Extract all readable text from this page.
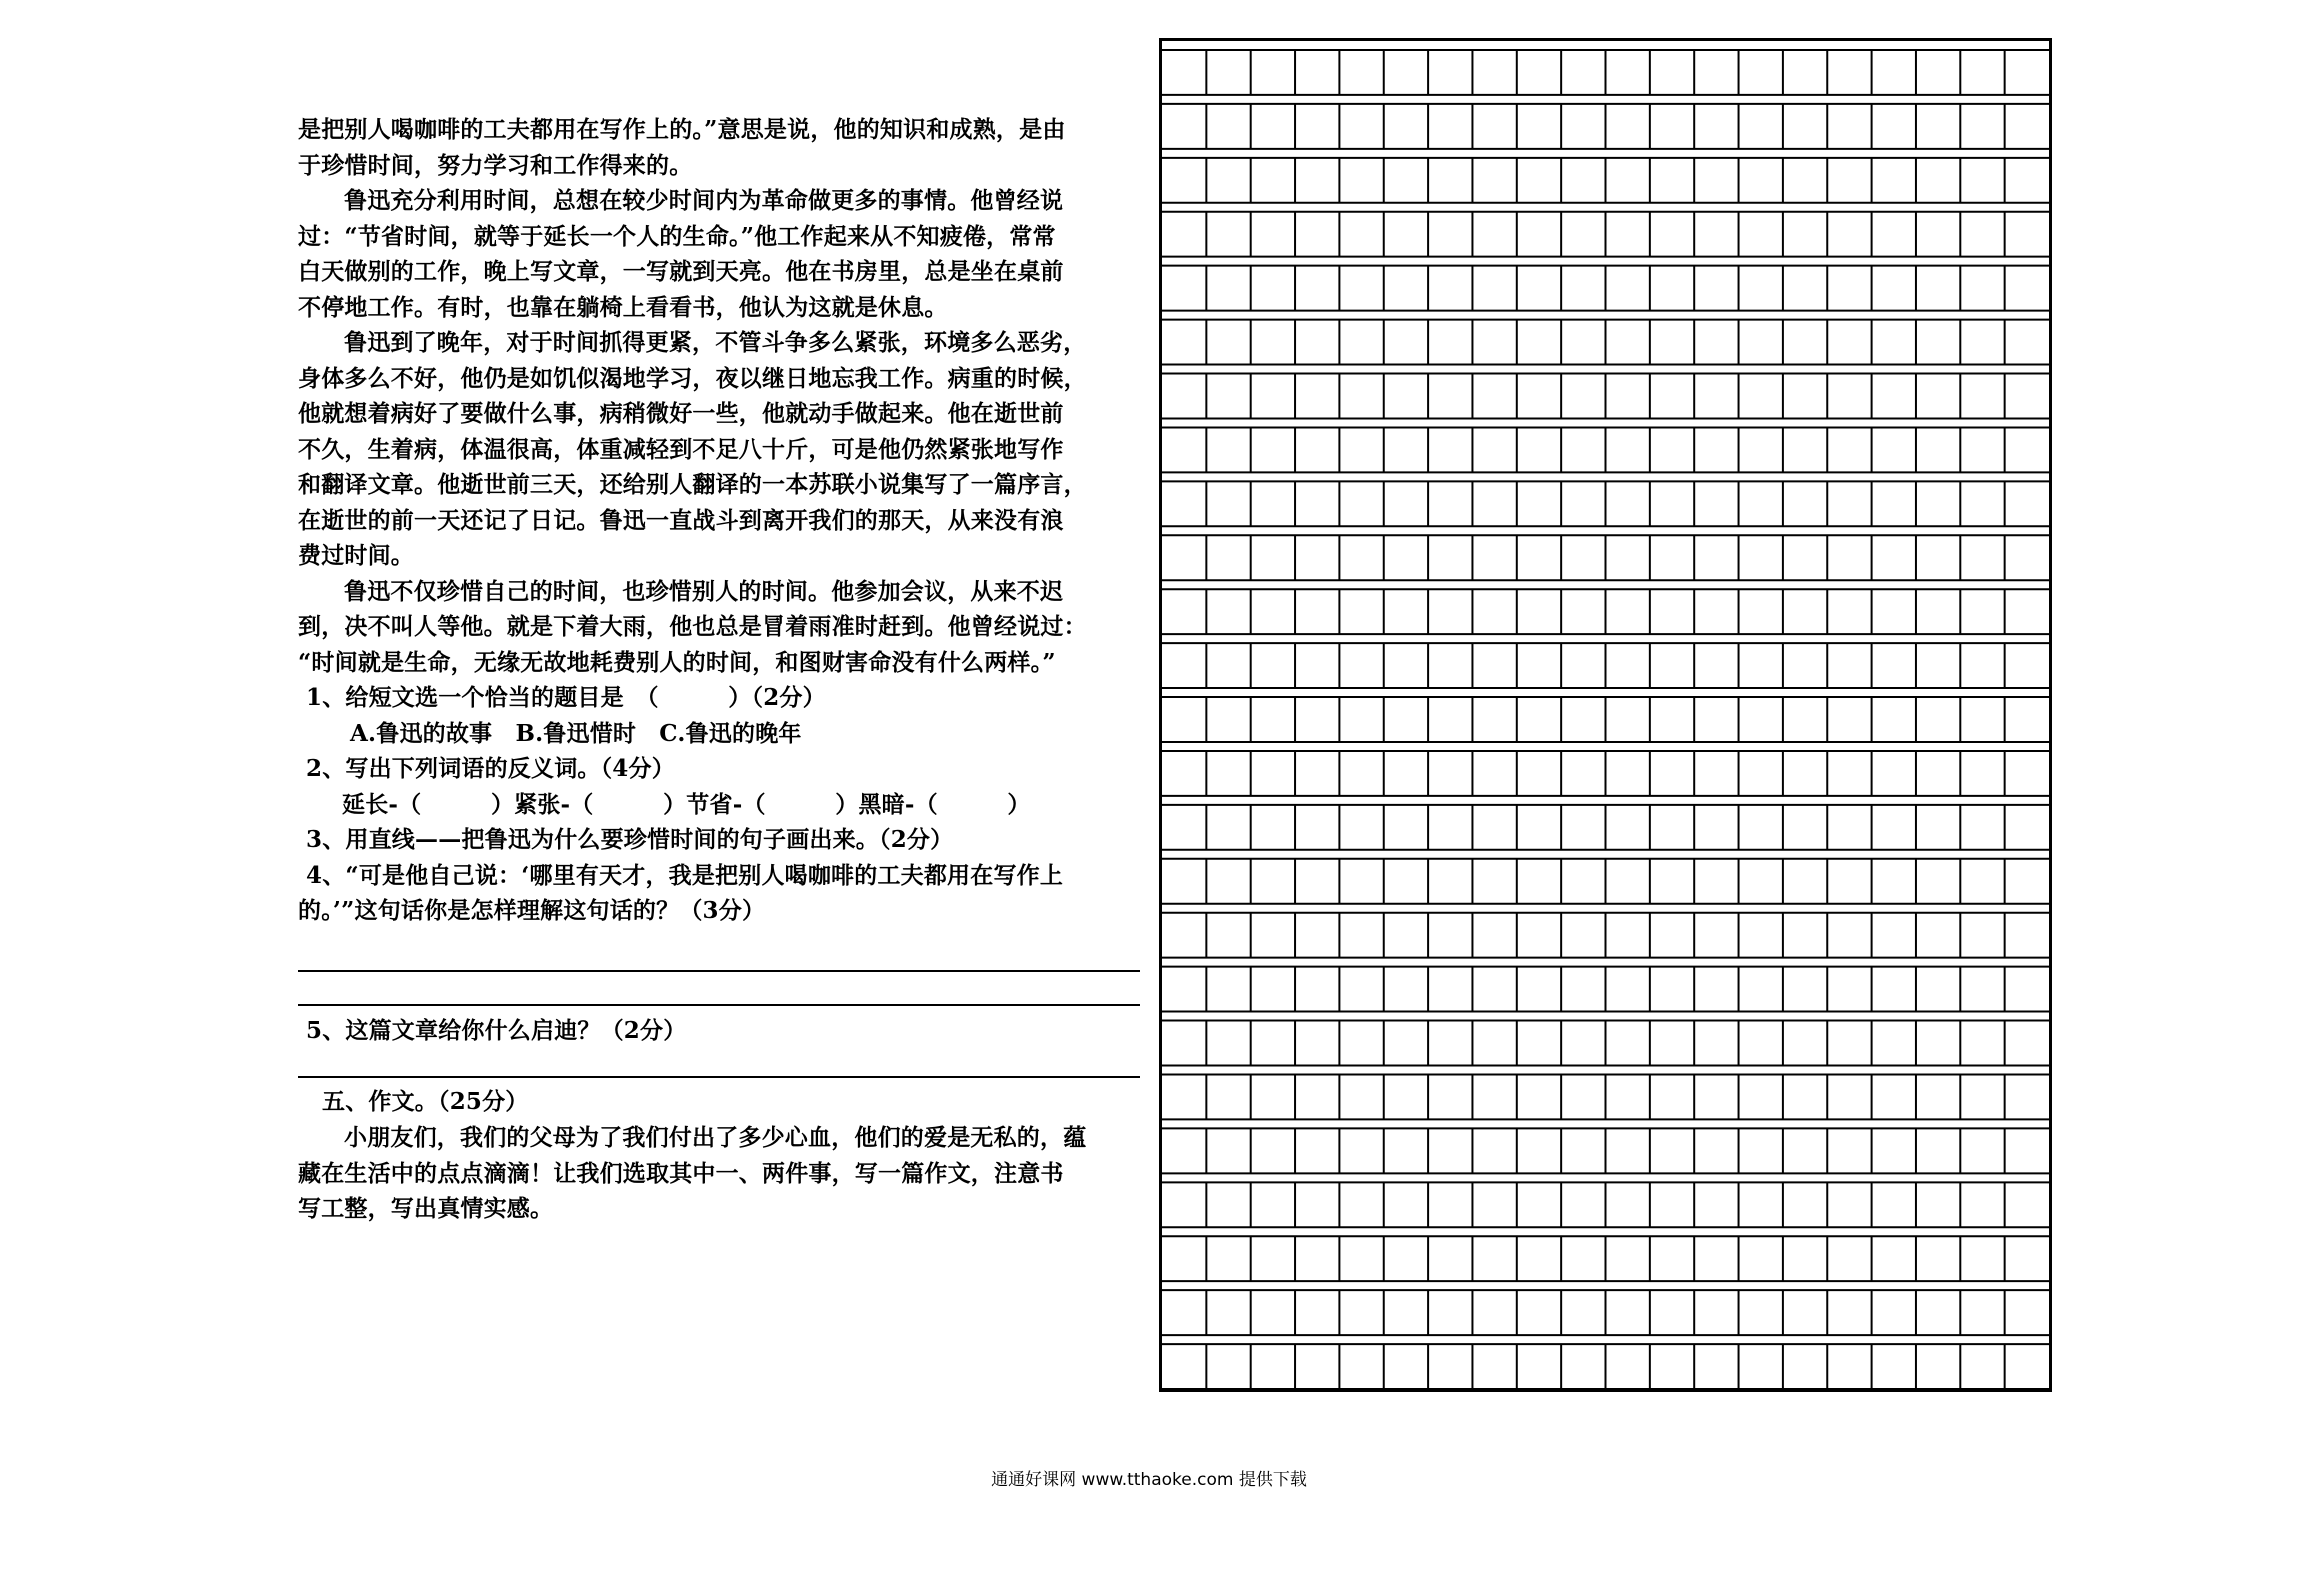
是把别人喝咖啡的工夫都用在写作上的。”意思是说，他的知识和成熟，是由
于珍惜时间，努力学习和工作得来的。
鲁迅充分利用时间，总想在较少时间内为革命做更多的事情。他曾经说
过：“节省时间，就等于延长一个人的生命。”他工作起来从不知疲倦，常常
白天做别的工作，晚上写文章，一写就到天亮。他在书房里，总是坐在桌前
不停地工作。有时，也靠在躺椅上看看书，他认为这就是休息。
鲁迅到了晚年，对于时间抓得更紧，不管斗争多么紧张，环境多么恶劣，
身体多么不好，他仍是如饥似渴地学习，夜以继日地忘我工作。病重的时候，
他就想着病好了要做什么事，病稍微好一些，他就动手做起来。他在逝世前
不久，生着病，体温很高，体重减轻到不足八十斤，可是他仍然紧张地写作
和翻译文章。他逝世前三天，还给别人翻译的一本苏联小说集写了一篇序言，
在逝世的前一天还记了日记。鲁迅一直战斗到离开我们的那天，从来没有浪
费过时间。
鲁迅不仅珍惜自己的时间，也珍惜别人的时间。他参加会议，从来不迟
到，决不叫人等他。就是下着大雨，他也总是冒着雨准时赶到。他曾经说过：
“时间就是生命，无缘无故地耗费别人的时间，和图财害命没有什么两样。”
1、给短文选一个恰当的题目是　（　　　）（2分）
A.鲁迅的故事　B.鲁迅惜时　C.鲁迅的晚年
2、写出下列词语的反义词。（4分）
延长-（　　　）紧张-（　　　）节省-（　　　）黑暗-（　　　）
3、用直线——把鲁迅为什么要珍惜时间的句子画出来。（2分）
4、“可是他自己说：‘哪里有天才，我是把别人喝咖啡的工夫都用在写作上
的。’”这句话你是怎样理解这句话的？（3分）
5、这篇文章给你什么启迪？（2分）
五、作文。（25分）
小朋友们，我们的父母为了我们付出了多少心血，他们的爱是无私的，蕴
藏在生活中的点点滴滴！让我们选取其中一、两件事，写一篇作文，注意书
写工整，写出真情实感。
通通好课网 www.tthaoke.com 提供下载
